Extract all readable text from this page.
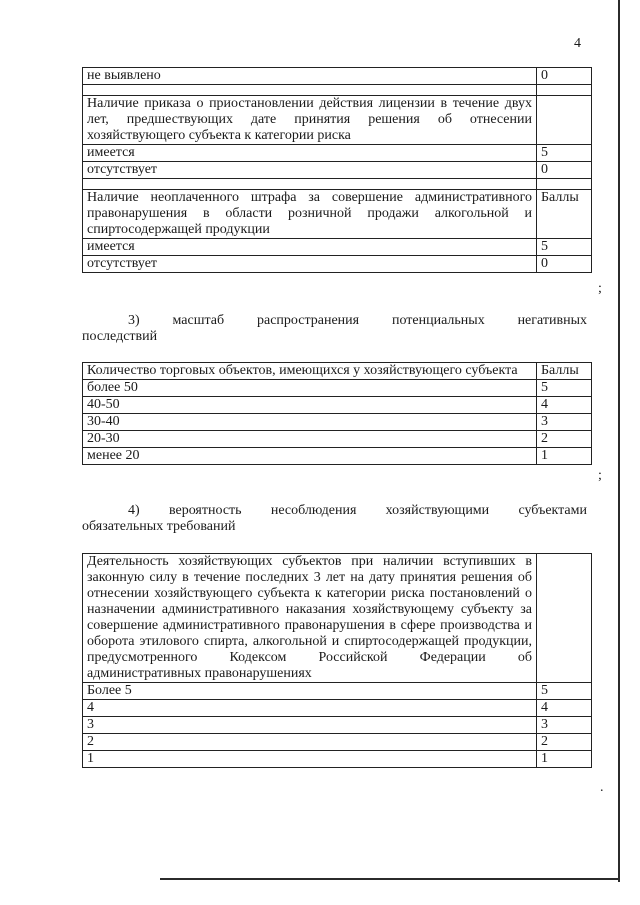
4
не выявлено	0

Наличие приказа о приостановлении действия лицензии в течение двух лет, предшествующих дате принятия решения об отнесении хозяйствующего субъекта к категории риска	
имеется	5
отсутствует	0

Наличие неоплаченного штрафа за совершение административного правонарушения в области розничной продажи алкогольной и спиртосодержащей продукции	Баллы
имеется	5
отсутствует	0
;
3) масштаб распространения потенциальных негативных
последствий
Количество торговых объектов, имеющихся у хозяйствующего субъекта	Баллы
более 50	5
40-50	4
30-40	3
20-30	2
менее 20	1
;
4) вероятность несоблюдения хозяйствующими субъектами
обязательных требований
Деятельность хозяйствующих субъектов при наличии вступивших в законную силу в течение последних 3 лет на дату принятия решения об отнесении хозяйствующего субъекта к категории риска постановлений о назначении административного наказания хозяйствующему субъекту за совершение административного правонарушения в сфере производства и оборота этилового спирта, алкогольной и спиртосодержащей продукции, предусмотренного Кодексом Российской Федерации об административных правонарушениях	
Более 5	5
4	4
3	3
2	2
1	1
.
